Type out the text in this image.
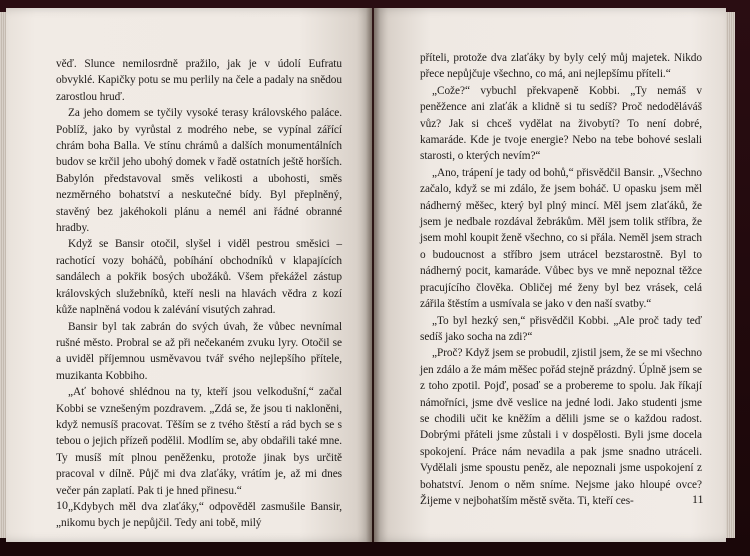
věď. Slunce nemilosrdně pražilo, jak je v údolí Eufratu obvyklé. Kapičky potu se mu perlily na čele a padaly na snědou zarostlou hruď.

Za jeho domem se tyčily vysoké terasy královského paláce. Poblíž, jako by vyrůstal z modrého nebe, se vypínal zářící chrám boha Balla. Ve stínu chrámů a dalších monumentálních budov se krčil jeho ubohý domek v řadě ostatních ještě horších. Babylón představoval směs velikosti a ubohosti, směs nezměrného bohatství a neskutečné bídy. Byl přeplněný, stavěný bez jakéhokoli plánu a nemél ani řádné obranné hradby.

Když se Bansir otočil, slyšel i viděl pestrou směsici – rachotící vozy boháčů, pobíhání obchodníků v klapajících sandálech a pokřik bosých ubožáků. Všem překážel zástup královských služebníků, kteří nesli na hlavách vědra z kozí kůže naplněná vodou k zalévání visutých zahrad.

Bansir byl tak zabrán do svých úvah, že vůbec nevnímal rušné město. Probral se až při nečekaném zvuku lyry. Otočil se a uviděl příjemnou usměvavou tvář svého nejlepšího přítele, muzikanta Kobbiho.

„Ať bohové shlédnou na ty, kteří jsou velkodušní,“ začal Kobbi se vznešeným pozdravem. „Zdá se, že jsou ti nakloněni, když nemusíš pracovat. Těším se z tvého štěstí a rád bych se s tebou o jejich přízeň podělil. Modlím se, aby obdařili také mne. Ty musíš mít plnou peněženku, protože jinak bys určitě pracoval v dílně. Půjč mi dva zlaťáky, vrátím je, až mi dnes večer pán zaplatí. Pak ti je hned přinesu.“

„Kdybych měl dva zlaťáky,“ odpověděl zasmušile Bansir, „nikomu bych je nepůjčil. Tedy ani tobě, milý

10

příteli, protože dva zlaťáky by byly celý můj majetek. Nikdo přece nepůjčuje všechno, co má, ani nejlepšímu příteli.“

„Cože?“ vybuchl překvapeně Kobbi. „Ty nemáš v peněžence ani zlaťák a klidně si tu sedíš? Proč nedoděláváš vůz? Jak si chceš vydělat na živobytí? To není dobré, kamaráde. Kde je tvoje energie? Nebo na tebe bohové seslali starosti, o kterých nevím?“

„Ano, trápení je tady od bohů,“ přisvědčil Bansir. „Všechno začalo, když se mi zdálo, že jsem boháč. U opasku jsem měl nádherný měšec, který byl plný mincí. Měl jsem zlaťáků, že jsem je nedbale rozdával žebrákům. Měl jsem tolik stříbra, že jsem mohl koupit ženě všechno, co si přála. Neměl jsem strach o budoucnost a stříbro jsem utrácel bezstarostně. Byl to nádherný pocit, kamaráde. Vůbec bys ve mně nepoznal těžce pracujícího člověka. Obličej mé ženy byl bez vrásek, celá zářila štěstím a usmívala se jako v den naší svatby.“

„To byl hezký sen,“ přisvědčil Kobbi. „Ale proč tady teď sedíš jako socha na zdi?“

„Proč? Když jsem se probudil, zjistil jsem, že se mi všechno jen zdálo a že mám měšec pořád stejně prázdný. Úplně jsem se z toho zpotil. Pojď, posaď se a probereme to spolu. Jak říkají námořníci, jsme dvě veslice na jedné lodi. Jako studenti jsme se chodili učit ke kněžím a dělili jsme se o každou radost. Dobrými přáteli jsme zůstali i v dospělosti. Byli jsme docela spokojení. Práce nám nevadila a pak jsme snadno utráceli. Vydělali jsme spoustu peněz, ale nepoznali jsme uspokojení z bohatství. Jenom o něm sníme. Nejsme jako hloupé ovce? Žijeme v nejbohatším městě světa. Ti, kteří ces-	11
